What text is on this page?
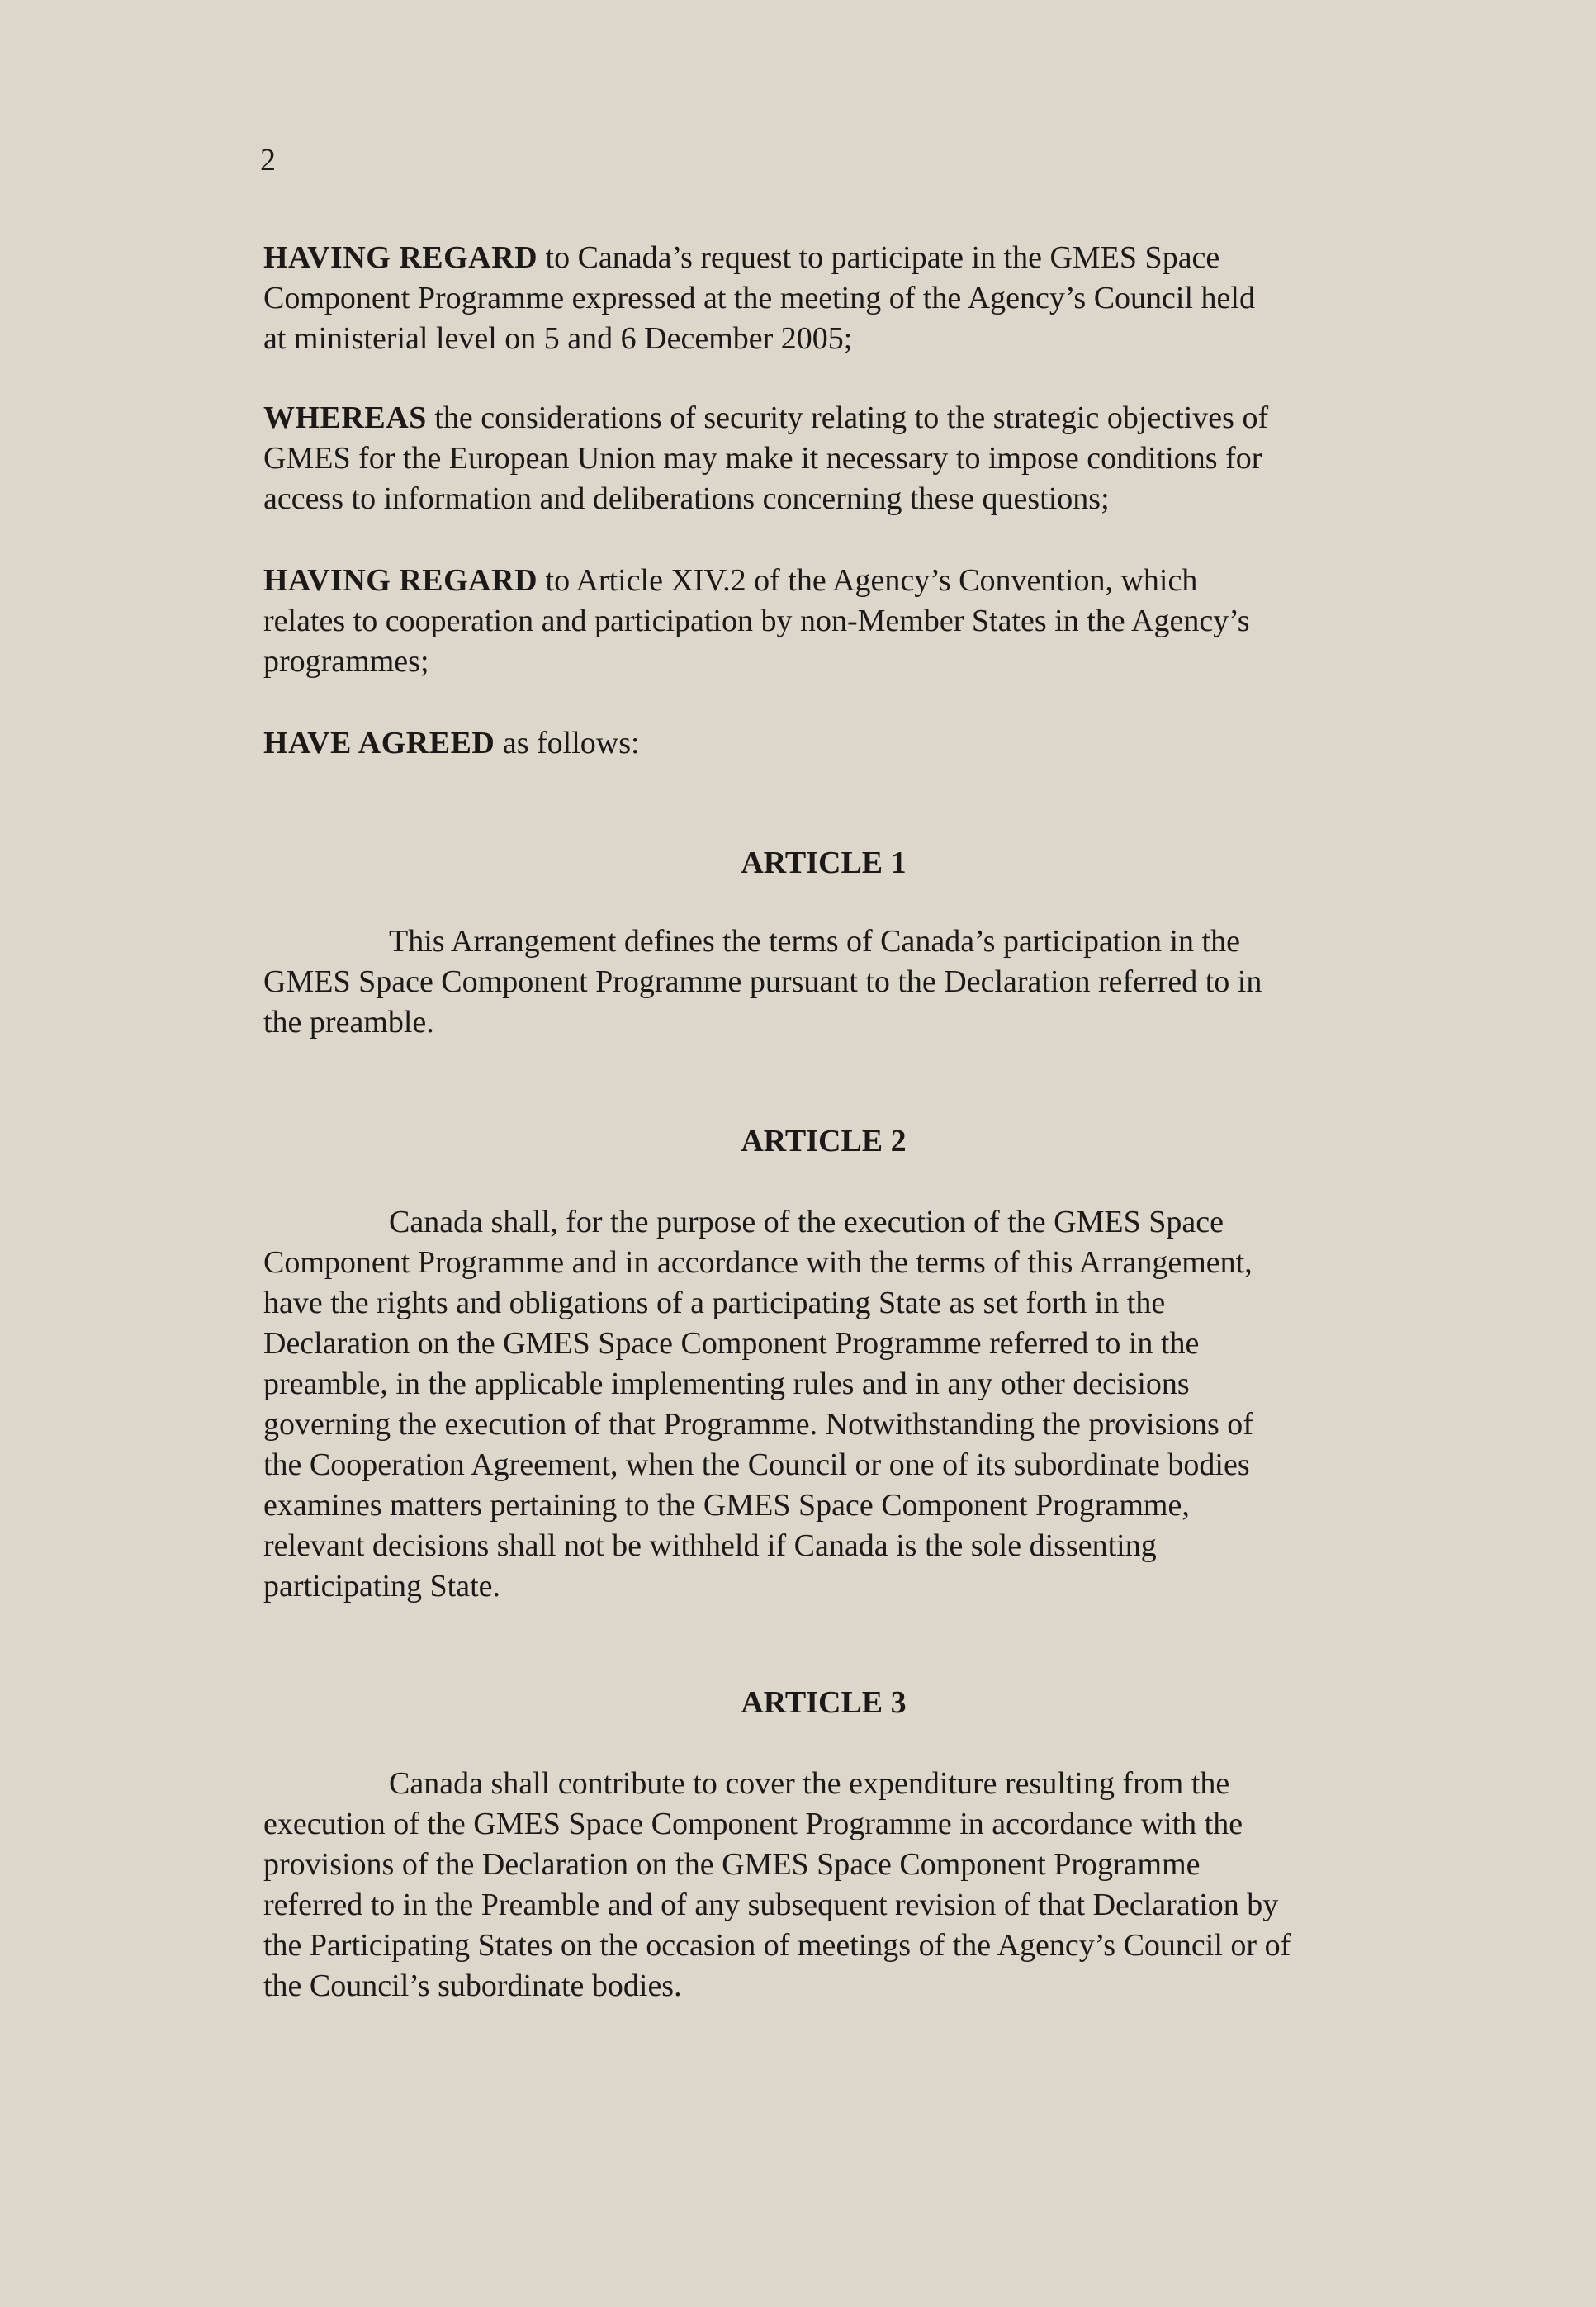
2

HAVING REGARD to Canada’s request to participate in the GMES Space
Component Programme expressed at the meeting of the Agency’s Council held
at ministerial level on 5 and 6 December 2005;

WHEREAS the considerations of security relating to the strategic objectives of
GMES for the European Union may make it necessary to impose conditions for
access to information and deliberations concerning these questions;

HAVING REGARD to Article XIV.2 of the Agency’s Convention, which
relates to cooperation and participation by non-Member States in the Agency’s
programmes;

HAVE AGREED as follows:

ARTICLE 1

This Arrangement defines the terms of Canada’s participation in the
GMES Space Component Programme pursuant to the Declaration referred to in
the preamble.

ARTICLE 2

Canada shall, for the purpose of the execution of the GMES Space
Component Programme and in accordance with the terms of this Arrangement,
have the rights and obligations of a participating State as set forth in the
Declaration on the GMES Space Component Programme referred to in the
preamble, in the applicable implementing rules and in any other decisions
governing the execution of that Programme. Notwithstanding the provisions of
the Cooperation Agreement, when the Council or one of its subordinate bodies
examines matters pertaining to the GMES Space Component Programme,
relevant decisions shall not be withheld if Canada is the sole dissenting
participating State.

ARTICLE 3

Canada shall contribute to cover the expenditure resulting from the
execution of the GMES Space Component Programme in accordance with the
provisions of the Declaration on the GMES Space Component Programme
referred to in the Preamble and of any subsequent revision of that Declaration by
the Participating States on the occasion of meetings of the Agency’s Council or of
the Council’s subordinate bodies.
